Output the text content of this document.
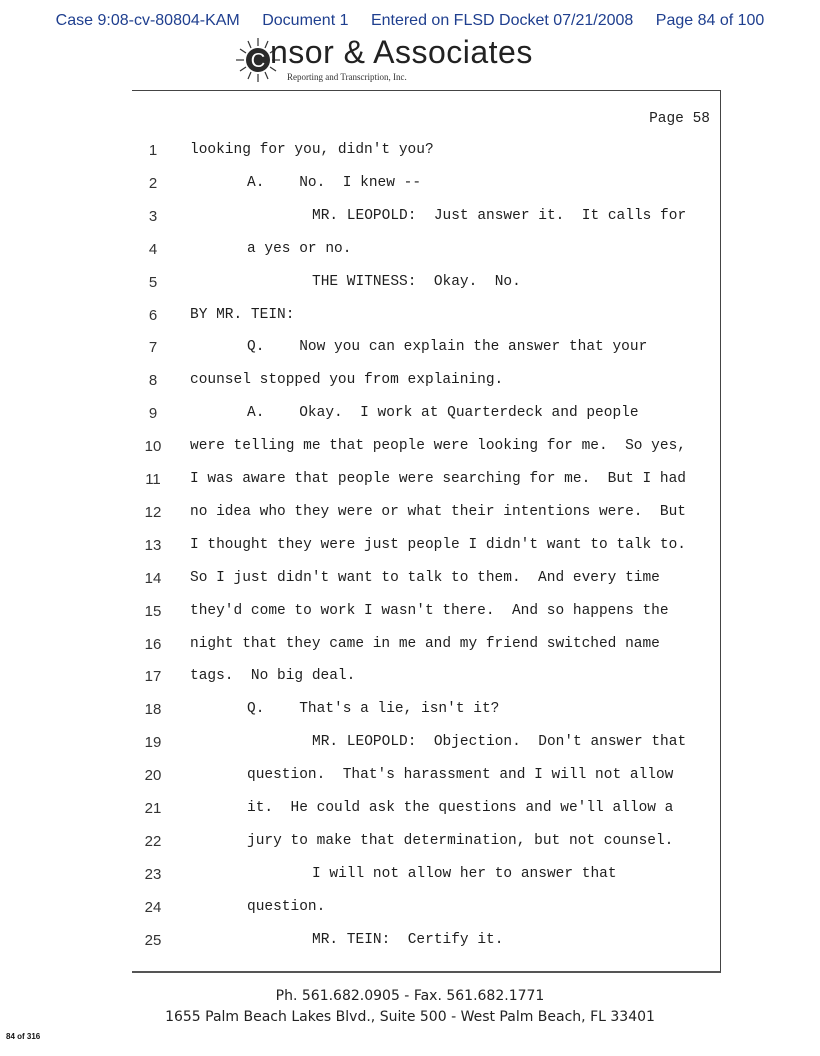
Case 9:08-cv-80804-KAM Document 1 Entered on FLSD Docket 07/21/2008 Page 84 of 100
C nsor & Associates
Reporting and Transcription, Inc.
Page 58
1	looking for you, didn't you?
2	A.    No.  I knew --
3	MR. LEOPOLD:  Just answer it.  It calls for
4	a yes or no.
5	THE WITNESS:  Okay.  No.
6	BY MR. TEIN:
7	Q.    Now you can explain the answer that your
8	counsel stopped you from explaining.
9	A.    Okay.  I work at Quarterdeck and people
10	were telling me that people were looking for me.  So yes,
11	I was aware that people were searching for me.  But I had
12	no idea who they were or what their intentions were.  But
13	I thought they were just people I didn't want to talk to.
14	So I just didn't want to talk to them.  And every time
15	they'd come to work I wasn't there.  And so happens the
16	night that they came in me and my friend switched name
17	tags.  No big deal.
18	Q.    That's a lie, isn't it?
19	MR. LEOPOLD:  Objection.  Don't answer that
20	question.  That's harassment and I will not allow
21	it.  He could ask the questions and we'll allow a
22	jury to make that determination, but not counsel.
23	I will not allow her to answer that
24	question.
25	MR. TEIN:  Certify it.
Ph. 561.682.0905 - Fax. 561.682.1771
1655 Palm Beach Lakes Blvd., Suite 500 - West Palm Beach, FL 33401
84 of 316
